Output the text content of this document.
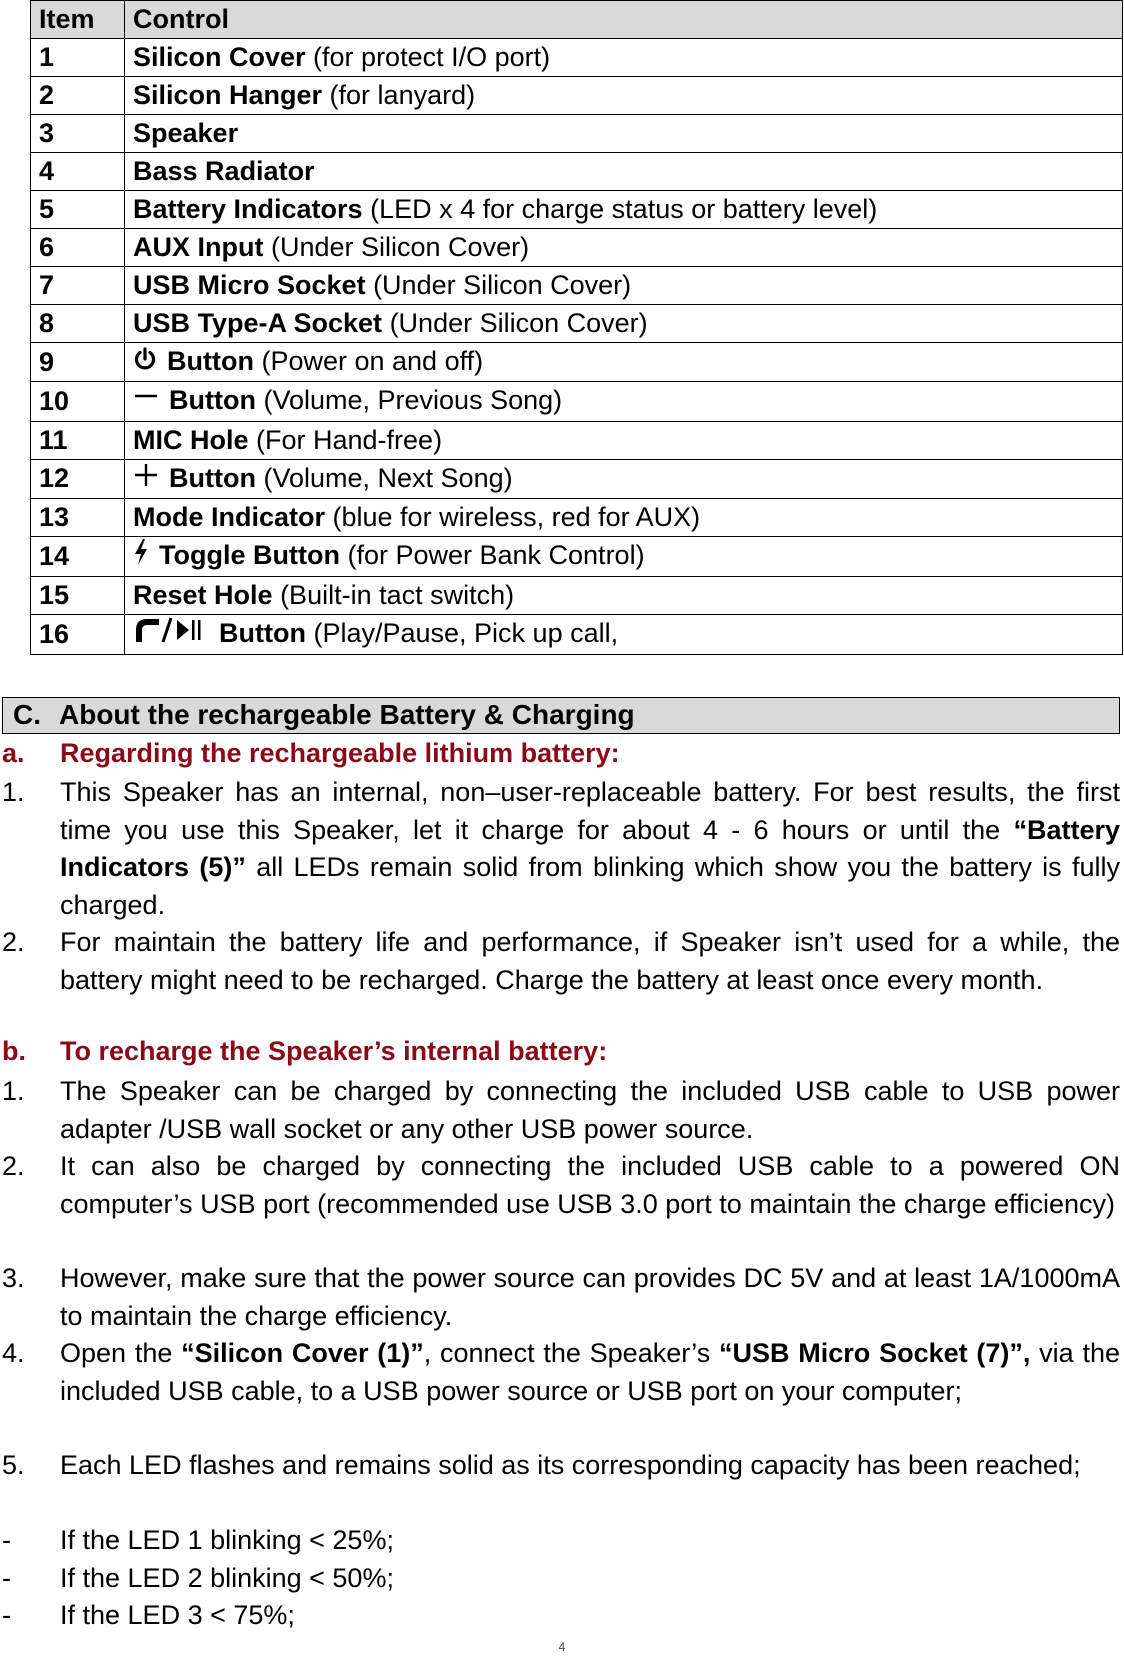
Item	Control
1	Silicon Cover (for protect I/O port)
2	Silicon Hanger (for lanyard)
3	Speaker
4	Bass Radiator
5	Battery Indicators (LED x 4 for charge status or battery level)
6	AUX Input (Under Silicon Cover)
7	USB Micro Socket (Under Silicon Cover)
8	USB Type-A Socket (Under Silicon Cover)
9	Button (Power on and off)
10	Button (Volume, Previous Song)
11	MIC Hole (For Hand-free)
12	Button (Volume, Next Song)
13	Mode Indicator (blue for wireless, red for AUX)
14	Toggle Button (for Power Bank Control)
15	Reset Hole (Built-in tact switch)
16	Button (Play/Pause, Pick up call,
C. About the rechargeable Battery & Charging
a. Regarding the rechargeable lithium battery:
1.	This Speaker has an internal, non–user-replaceable battery. For best results, the first time you use this Speaker, let it charge for about 4 - 6 hours or until the “Battery Indicators (5)” all LEDs remain solid from blinking which show you the battery is fully charged.
2.	For maintain the battery life and performance, if Speaker isn’t used for a while, the battery might need to be recharged. Charge the battery at least once every month.
b. To recharge the Speaker’s internal battery:
1.	The Speaker can be charged by connecting the included USB cable to USB power adapter /USB wall socket or any other USB power source.
2.	It can also be charged by connecting the included USB cable to a powered ON computer’s USB port (recommended use USB 3.0 port to maintain the charge efficiency)
3.	However, make sure that the power source can provides DC 5V and at least 1A/1000mA to maintain the charge efficiency.
4.	Open the “Silicon Cover (1)”, connect the Speaker’s “USB Micro Socket (7)”, via the included USB cable, to a USB power source or USB port on your computer;
5.	Each LED flashes and remains solid as its corresponding capacity has been reached;
- If the LED 1 blinking < 25%;
- If the LED 2 blinking < 50%;
- If the LED 3 < 75%;
4
